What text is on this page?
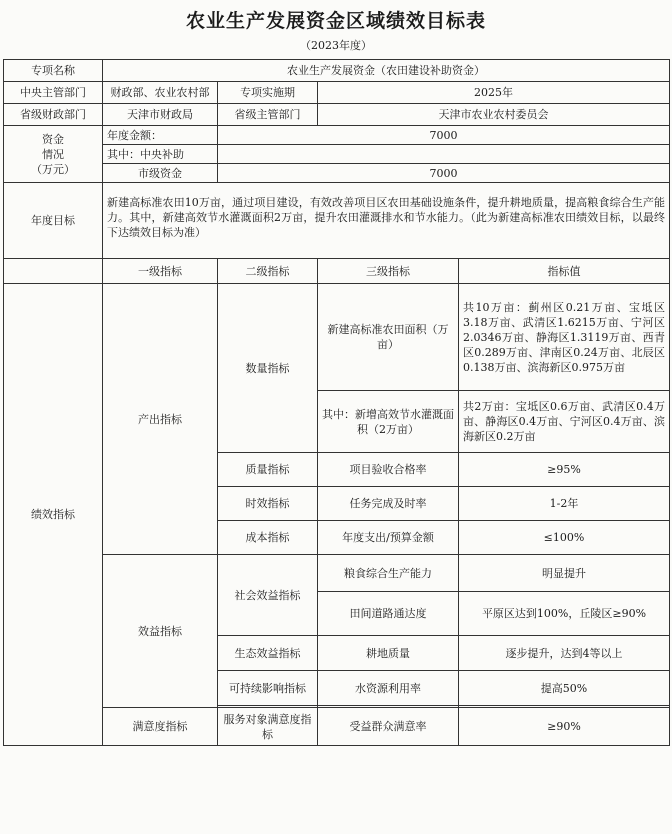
农业生产发展资金区域绩效目标表
（2023年度）
专项名称	农业生产发展资金（农田建设补助资金）			
中央主管部门	财政部、农业农村部	专项实施期	2025年	
省级财政部门	天津市财政局	省级主管部门	天津市农业农村委员会	
资金
情况
（万元）	年度金额：	7000		
	其中：中央补助			
	市级资金	7000		
年度目标	新建高标准农田10万亩，通过项目建设，有效改善项目区农田基础设施条件，提升耕地质量，提高粮食综合生产能力。其中，新建高效节水灌溉面积2万亩，提升农田灌溉排水和节水能力。（此为新建高标准农田绩效目标，以最终下达绩效目标为准）			
	一级指标	二级指标	三级指标	指标值
绩效指标	产出指标	数量指标	新建高标准农田面积（万亩）	共10万亩：蓟州区0.21万亩、宝坻区3.18万亩、武清区1.6215万亩、宁河区2.0346万亩、静海区1.3119万亩、西青区0.289万亩、津南区0.24万亩、北辰区0.138万亩、滨海新区0.975万亩
			其中：新增高效节水灌溉面积（2万亩）	共2万亩：宝坻区0.6万亩、武清区0.4万亩、静海区0.4万亩、宁河区0.4万亩、滨海新区0.2万亩
		质量指标	项目验收合格率	≥95%
		时效指标	任务完成及时率	1-2年
		成本指标	年度支出/预算金额	≤100%
	效益指标	社会效益指标	粮食综合生产能力	明显提升
			田间道路通达度	平原区达到100%，丘陵区≥90%
		生态效益指标	耕地质量	逐步提升，达到4等以上
		可持续影响指标	水资源利用率	提高50%

	满意度指标	服务对象满意度指标	受益群众满意率	≥90%
